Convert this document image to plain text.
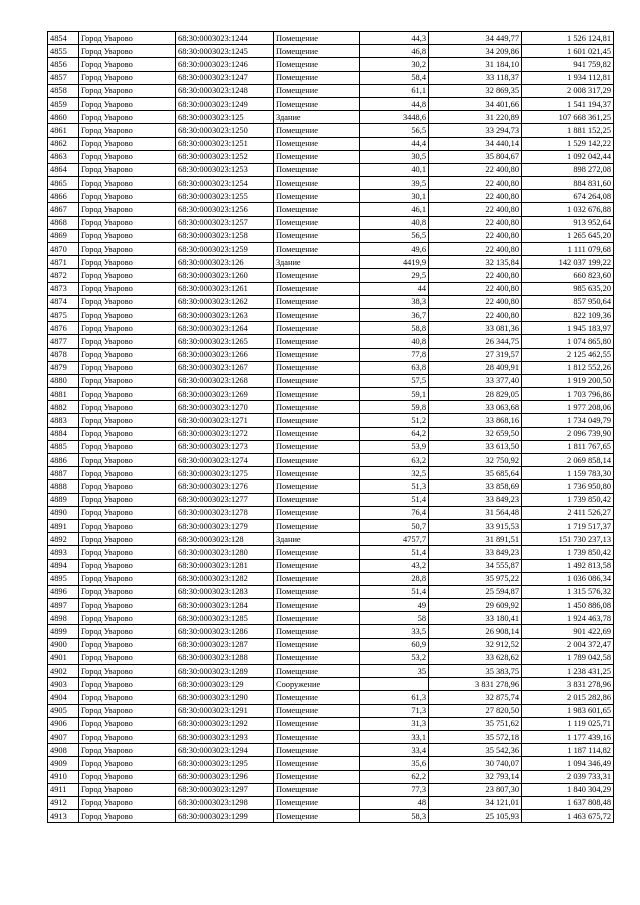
4854	Город Уварово	68:30:0003023:1244	Помещение	44,3	34 449,77	1 526 124,81
4855	Город Уварово	68:30:0003023:1245	Помещение	46,8	34 209,86	1 601 021,45
4856	Город Уварово	68:30:0003023:1246	Помещение	30,2	31 184,10	941 759,82
4857	Город Уварово	68:30:0003023:1247	Помещение	58,4	33 118,37	1 934 112,81
4858	Город Уварово	68:30:0003023:1248	Помещение	61,1	32 869,35	2 008 317,29
4859	Город Уварово	68:30:0003023:1249	Помещение	44,8	34 401,66	1 541 194,37
4860	Город Уварово	68:30:0003023:125	Здание	3448,6	31 220,89	107 668 361,25
4861	Город Уварово	68:30:0003023:1250	Помещение	56,5	33 294,73	1 881 152,25
4862	Город Уварово	68:30:0003023:1251	Помещение	44,4	34 440,14	1 529 142,22
4863	Город Уварово	68:30:0003023:1252	Помещение	30,5	35 804,67	1 092 042,44
4864	Город Уварово	68:30:0003023:1253	Помещение	40,1	22 400,80	898 272,08
4865	Город Уварово	68:30:0003023:1254	Помещение	39,5	22 400,80	884 831,60
4866	Город Уварово	68:30:0003023:1255	Помещение	30,1	22 400,80	674 264,08
4867	Город Уварово	68:30:0003023:1256	Помещение	46,1	22 400,80	1 032 676,88
4868	Город Уварово	68:30:0003023:1257	Помещение	40,8	22 400,80	913 952,64
4869	Город Уварово	68:30:0003023:1258	Помещение	56,5	22 400,80	1 265 645,20
4870	Город Уварово	68:30:0003023:1259	Помещение	49,6	22 400,80	1 111 079,68
4871	Город Уварово	68:30:0003023:126	Здание	4419,9	32 135,84	142 037 199,22
4872	Город Уварово	68:30:0003023:1260	Помещение	29,5	22 400,80	660 823,60
4873	Город Уварово	68:30:0003023:1261	Помещение	44	22 400,80	985 635,20
4874	Город Уварово	68:30:0003023:1262	Помещение	38,3	22 400,80	857 950,64
4875	Город Уварово	68:30:0003023:1263	Помещение	36,7	22 400,80	822 109,36
4876	Город Уварово	68:30:0003023:1264	Помещение	58,8	33 081,36	1 945 183,97
4877	Город Уварово	68:30:0003023:1265	Помещение	40,8	26 344,75	1 074 865,80
4878	Город Уварово	68:30:0003023:1266	Помещение	77,8	27 319,57	2 125 462,55
4879	Город Уварово	68:30:0003023:1267	Помещение	63,8	28 409,91	1 812 552,26
4880	Город Уварово	68:30:0003023:1268	Помещение	57,5	33 377,40	1 919 200,50
4881	Город Уварово	68:30:0003023:1269	Помещение	59,1	28 829,05	1 703 796,86
4882	Город Уварово	68:30:0003023:1270	Помещение	59,8	33 063,68	1 977 208,06
4883	Город Уварово	68:30:0003023:1271	Помещение	51,2	33 868,16	1 734 049,79
4884	Город Уварово	68:30:0003023:1272	Помещение	64,2	32 659,50	2 096 739,90
4885	Город Уварово	68:30:0003023:1273	Помещение	53,9	33 613,50	1 811 767,65
4886	Город Уварово	68:30:0003023:1274	Помещение	63,2	32 750,92	2 069 858,14
4887	Город Уварово	68:30:0003023:1275	Помещение	32,5	35 685,64	1 159 783,30
4888	Город Уварово	68:30:0003023:1276	Помещение	51,3	33 858,69	1 736 950,80
4889	Город Уварово	68:30:0003023:1277	Помещение	51,4	33 849,23	1 739 850,42
4890	Город Уварово	68:30:0003023:1278	Помещение	76,4	31 564,48	2 411 526,27
4891	Город Уварово	68:30:0003023:1279	Помещение	50,7	33 915,53	1 719 517,37
4892	Город Уварово	68:30:0003023:128	Здание	4757,7	31 891,51	151 730 237,13
4893	Город Уварово	68:30:0003023:1280	Помещение	51,4	33 849,23	1 739 850,42
4894	Город Уварово	68:30:0003023:1281	Помещение	43,2	34 555,87	1 492 813,58
4895	Город Уварово	68:30:0003023:1282	Помещение	28,8	35 975,22	1 036 086,34
4896	Город Уварово	68:30:0003023:1283	Помещение	51,4	25 594,87	1 315 576,32
4897	Город Уварово	68:30:0003023:1284	Помещение	49	29 609,92	1 450 886,08
4898	Город Уварово	68:30:0003023:1285	Помещение	58	33 180,41	1 924 463,78
4899	Город Уварово	68:30:0003023:1286	Помещение	33,5	26 908,14	901 422,69
4900	Город Уварово	68:30:0003023:1287	Помещение	60,9	32 912,52	2 004 372,47
4901	Город Уварово	68:30:0003023:1288	Помещение	53,2	33 628,62	1 789 042,58
4902	Город Уварово	68:30:0003023:1289	Помещение	35	35 383,75	1 238 431,25
4903	Город Уварово	68:30:0003023:129	Сооружение		3 831 278,96	3 831 278,96
4904	Город Уварово	68:30:0003023:1290	Помещение	61,3	32 875,74	2 015 282,86
4905	Город Уварово	68:30:0003023:1291	Помещение	71,3	27 820,50	1 983 601,65
4906	Город Уварово	68:30:0003023:1292	Помещение	31,3	35 751,62	1 119 025,71
4907	Город Уварово	68:30:0003023:1293	Помещение	33,1	35 572,18	1 177 439,16
4908	Город Уварово	68:30:0003023:1294	Помещение	33,4	35 542,36	1 187 114,82
4909	Город Уварово	68:30:0003023:1295	Помещение	35,6	30 740,07	1 094 346,49
4910	Город Уварово	68:30:0003023:1296	Помещение	62,2	32 793,14	2 039 733,31
4911	Город Уварово	68:30:0003023:1297	Помещение	77,3	23 807,30	1 840 304,29
4912	Город Уварово	68:30:0003023:1298	Помещение	48	34 121,01	1 637 808,48
4913	Город Уварово	68:30:0003023:1299	Помещение	58,3	25 105,93	1 463 675,72
